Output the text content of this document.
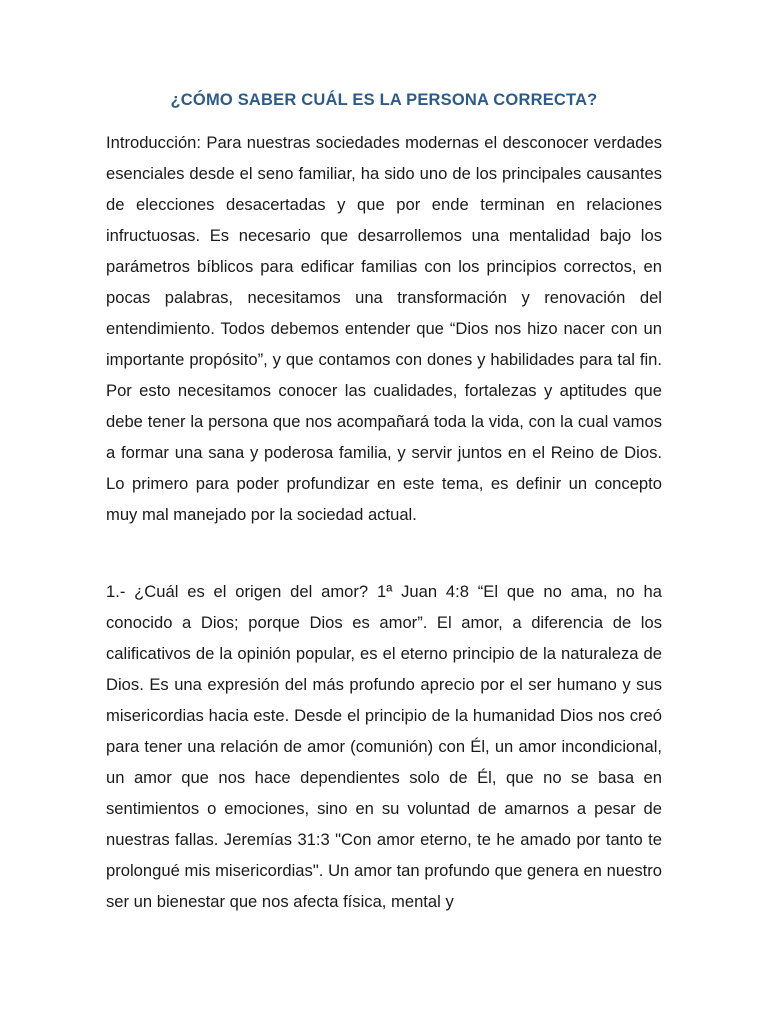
¿CÓMO SABER CUÁL ES LA PERSONA CORRECTA?

Introducción: Para nuestras sociedades modernas el desconocer verdades esenciales desde el seno familiar, ha sido uno de los principales causantes de elecciones desacertadas y que por ende terminan en relaciones infructuosas. Es necesario que desarrollemos una mentalidad bajo los parámetros bíblicos para edificar familias con los principios correctos, en pocas palabras, necesitamos una transformación y renovación del entendimiento. Todos debemos entender que “Dios nos hizo nacer con un importante propósito”, y que contamos con dones y habilidades para tal fin. Por esto necesitamos conocer las cualidades, fortalezas y aptitudes que debe tener la persona que nos acompañará toda la vida, con la cual vamos a formar una sana y poderosa familia, y servir juntos en el Reino de Dios. Lo primero para poder profundizar en este tema, es definir un concepto muy mal manejado por la sociedad actual.

1.- ¿Cuál es el origen del amor? 1ª Juan 4:8 “El que no ama, no ha conocido a Dios; porque Dios es amor”. El amor, a diferencia de los calificativos de la opinión popular, es el eterno principio de la naturaleza de Dios. Es una expresión del más profundo aprecio por el ser humano y sus misericordias hacia este. Desde el principio de la humanidad Dios nos creó para tener una relación de amor (comunión) con Él, un amor incondicional, un amor que nos hace dependientes solo de Él, que no se basa en sentimientos o emociones, sino en su voluntad de amarnos a pesar de nuestras fallas. Jeremías 31:3 "Con amor eterno, te he amado por tanto te prolongué mis misericordias". Un amor tan profundo que genera en nuestro ser un bienestar que nos afecta física, mental y
